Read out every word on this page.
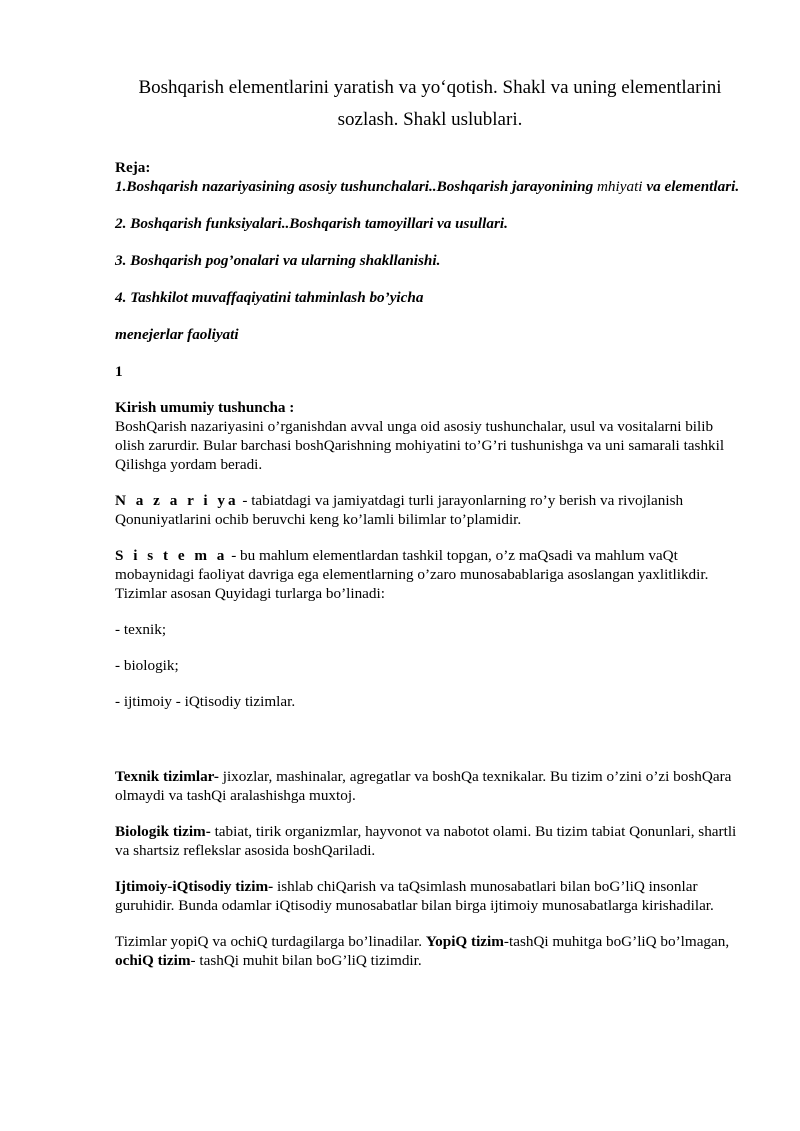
Boshqarish elementlarini yaratish va yo‘qotish. Shakl va uning elementlarini
sozlash. Shakl uslublari.

Reja:

1.Boshqarish nazariyasining asosiy tushunchalari..Boshqarish jarayonining mhiyati va elementlari.

2. Boshqarish funksiyalari..Boshqarish tamoyillari va usullari.

3. Boshqarish pog’onalari va ularning shakllanishi.

4. Tashkilot muvaffaqiyatini tahminlash bo’yicha

menejerlar faoliyati

1

Kirish umumiy tushuncha :

BoshQarish nazariyasini o’rganishdan avval unga oid asosiy tushunchalar, usul va vositalarni bilib olish zarurdir. Bular barchasi boshQarishning mohiyatini to’G’ri tushunishga va uni samarali tashkil Qilishga yordam beradi.

N a z a r i ya - tabiatdagi va jamiyatdagi turli jarayonlarning ro’y berish va rivojlanish Qonuniyatlarini ochib beruvchi keng ko’lamli bilimlar to’plamidir.

S i s t e m a - bu mahlum elementlardan tashkil topgan, o’z maQsadi va mahlum vaQt mobaynidagi faoliyat davriga ega elementlarning o’zaro munosabablariga asoslangan yaxlitlikdir.

Tizimlar asosan Quyidagi turlarga bo’linadi:

- texnik;

- biologik;

- ijtimoiy - iQtisodiy tizimlar.

Texnik tizimlar- jixozlar, mashinalar, agregatlar va boshQa texnikalar. Bu tizim o’zini o’zi boshQara olmaydi va tashQi aralashishga muxtoj.

Biologik tizim- tabiat, tirik organizmlar, hayvonot va nabotot olami. Bu tizim tabiat Qonunlari, shartli va shartsiz reflekslar asosida boshQariladi.

Ijtimoiy-iQtisodiy tizim- ishlab chiQarish va taQsimlash munosabatlari bilan boG’liQ insonlar guruhidir. Bunda odamlar iQtisodiy munosabatlar bilan birga ijtimoiy munosabatlarga kirishadilar.

Tizimlar yopiQ va ochiQ turdagilarga bo’linadilar. YopiQ tizim-tashQi muhitga boG’liQ bo’lmagan, ochiQ tizim- tashQi muhit bilan boG’liQ tizimdir.
